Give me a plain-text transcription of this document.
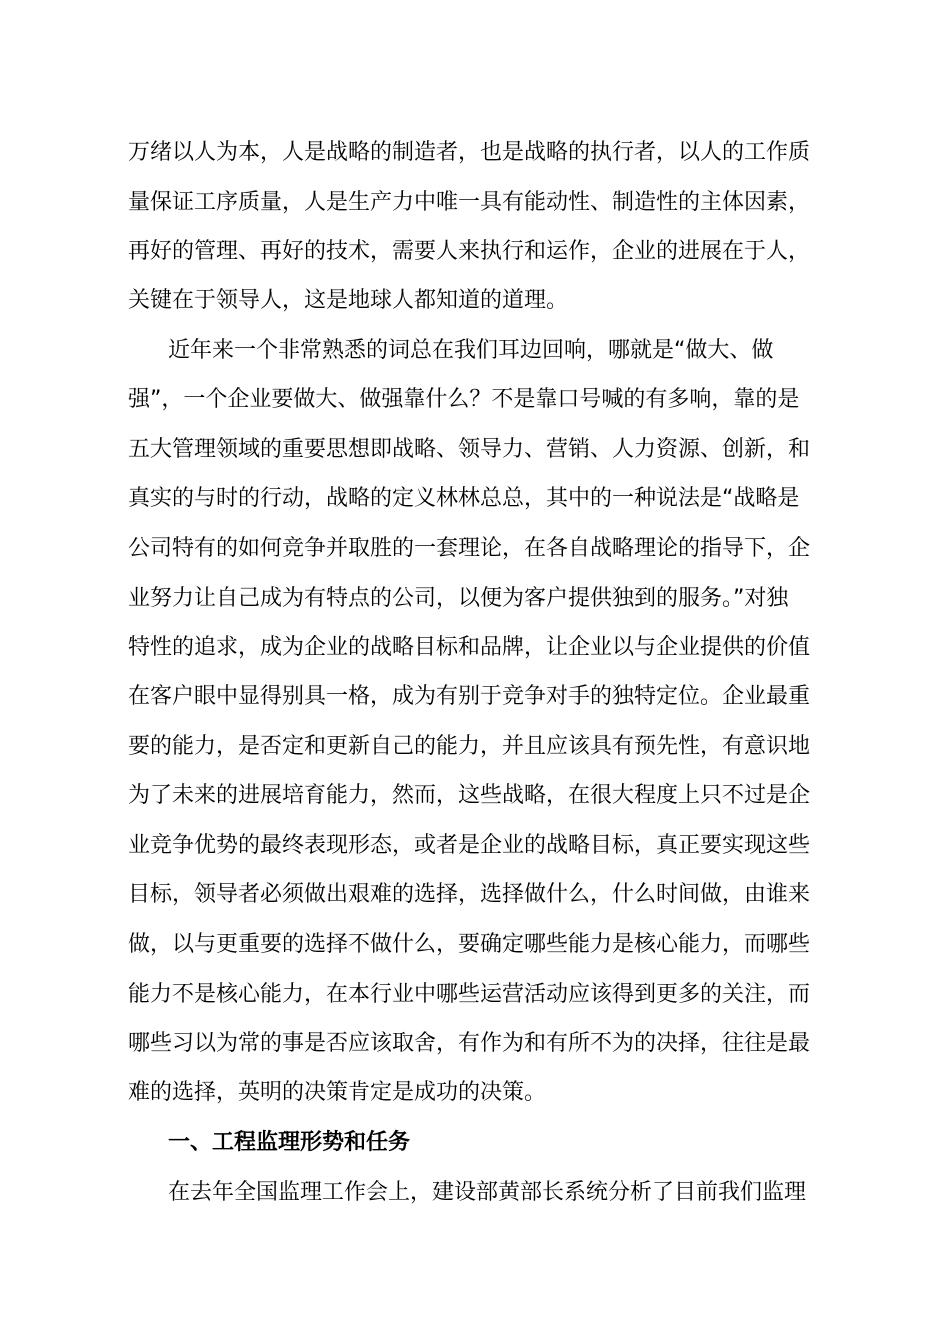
万绪以人为本，人是战略的制造者，也是战略的执行者，以人的工作质
量保证工序质量，人是生产力中唯一具有能动性、制造性的主体因素，
再好的管理、再好的技术，需要人来执行和运作，企业的进展在于人，
关键在于领导人，这是地球人都知道的道理。
近年来一个非常熟悉的词总在我们耳边回响，哪就是“做大、做
强”，一个企业要做大、做强靠什么？不是靠口号喊的有多响，靠的是
五大管理领域的重要思想即战略、领导力、营销、人力资源、创新，和
真实的与时的行动，战略的定义林林总总，其中的一种说法是“战略是
公司特有的如何竞争并取胜的一套理论，在各自战略理论的指导下，企
业努力让自己成为有特点的公司，以便为客户提供独到的服务。”对独
特性的追求，成为企业的战略目标和品牌，让企业以与企业提供的价值
在客户眼中显得别具一格，成为有别于竞争对手的独特定位。企业最重
要的能力，是否定和更新自己的能力，并且应该具有预先性，有意识地
为了未来的进展培育能力，然而，这些战略，在很大程度上只不过是企
业竞争优势的最终表现形态，或者是企业的战略目标，真正要实现这些
目标，领导者必须做出艰难的选择，选择做什么，什么时间做，由谁来
做，以与更重要的选择不做什么，要确定哪些能力是核心能力，而哪些
能力不是核心能力，在本行业中哪些运营活动应该得到更多的关注，而
哪些习以为常的事是否应该取舍，有作为和有所不为的决择，往往是最
难的选择，英明的决策肯定是成功的决策。
一、工程监理形势和任务
在去年全国监理工作会上，建设部黄部长系统分析了目前我们监理
